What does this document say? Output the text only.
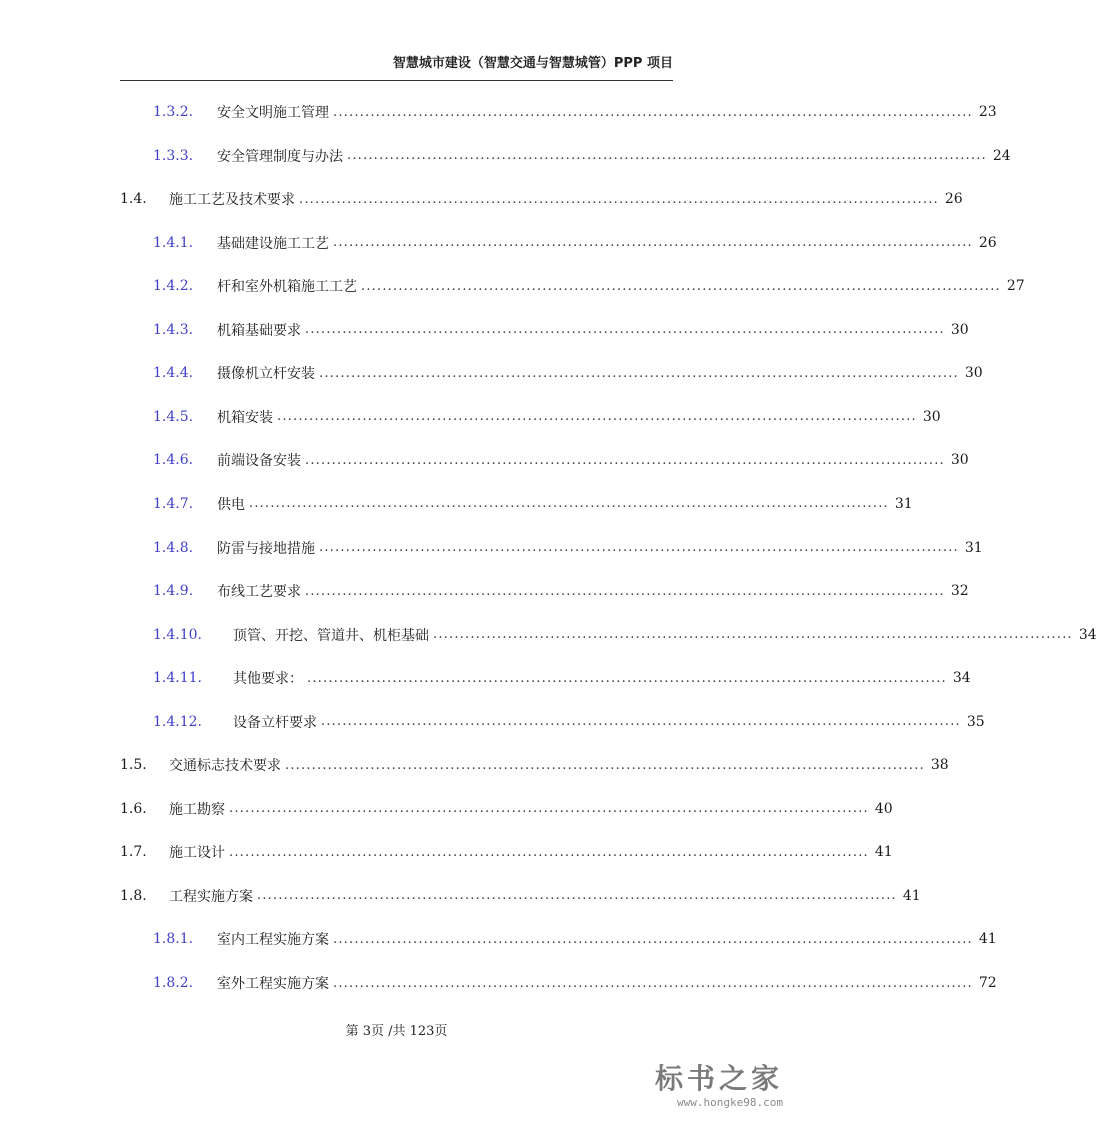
智慧城市建设（智慧交通与智慧城管）PPP 项目
1.3.2.	安全文明施工管理 ........................................................................................................................ 23
1.3.3.	安全管理制度与办法 ........................................................................................................................ 24
1.4.	施工工艺及技术要求 ........................................................................................................................ 26
1.4.1.	基础建设施工工艺 ........................................................................................................................ 26
1.4.2.	杆和室外机箱施工工艺 ........................................................................................................................ 27
1.4.3.	机箱基础要求 ........................................................................................................................ 30
1.4.4.	摄像机立杆安装 ........................................................................................................................ 30
1.4.5.	机箱安装 ........................................................................................................................ 30
1.4.6.	前端设备安装 ........................................................................................................................ 30
1.4.7.	供电 ........................................................................................................................ 31
1.4.8.	防雷与接地措施 ........................................................................................................................ 31
1.4.9.	布线工艺要求 ........................................................................................................................ 32
1.4.10.	顶管、开挖、管道井、机柜基础 ........................................................................................................................ 34
1.4.11.	其他要求： ........................................................................................................................ 34
1.4.12.	设备立杆要求 ........................................................................................................................ 35
1.5.	交通标志技术要求 ........................................................................................................................ 38
1.6.	施工勘察 ........................................................................................................................ 40
1.7.	施工设计 ........................................................................................................................ 41
1.8.	工程实施方案 ........................................................................................................................ 41
1.8.1.	室内工程实施方案 ........................................................................................................................ 41
1.8.2.	室外工程实施方案 ........................................................................................................................ 72
第 3页 /共 123页
标书之家
www.hongke98.com
